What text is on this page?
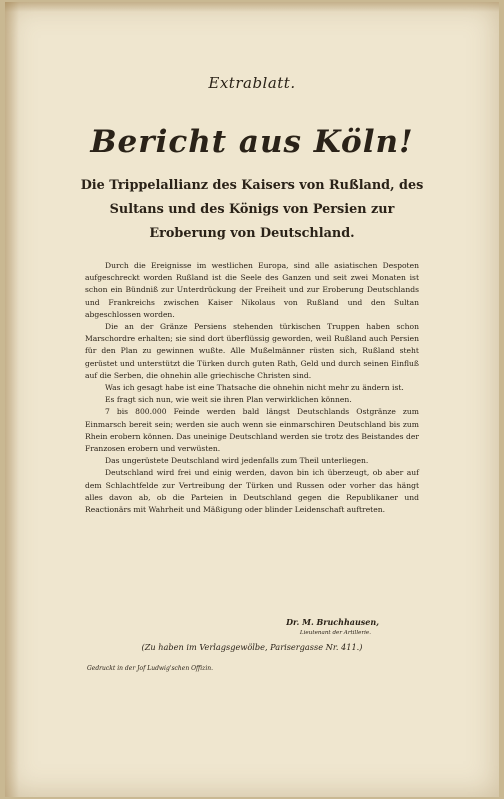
Extrablatt.
Bericht aus Köln!
Die Trippelallianz des Kaisers von Rußland, des Sultans und des Königs von Persien zur Eroberung von Deutschland.

Durch die Ereignisse im westlichen Europa, sind alle asiatischen Despoten aufgeschreckt worden Rußland ist die Seele des Ganzen und seit zwei Monaten ist schon ein Bündniß zur Unterdrückung der Freiheit und zur Eroberung Deutschlands und Frankreichs zwischen Kaiser Nikolaus von Rußland und den Sultan abgeschlossen worden.

Die an der Gränze Persiens stehenden türkischen Truppen haben schon Marschordre erhalten; sie sind dort überflüssig geworden, weil Rußland auch Persien für den Plan zu gewinnen wußte. Alle Mußelmänner rüsten sich, Rußland steht gerüstet und unterstützt die Türken durch guten Rath, Geld und durch seinen Einfluß auf die Serben, die ohnehin alle griechische Christen sind.

Was ich gesagt habe ist eine Thatsache die ohnehin nicht mehr zu ändern ist.

Es fragt sich nun, wie weit sie ihren Plan verwirklichen können.

7 bis 800.000 Feinde werden bald längst Deutschlands Ostgränze zum Einmarsch bereit sein; werden sie auch wenn sie einmarschiren Deutschland bis zum Rhein erobern können. Das uneinige Deutschland werden sie trotz des Beistandes der Franzosen erobern und verwüsten.

Das ungerüstete Deutschland wird jedenfalls zum Theil unterliegen.

Deutschland wird frei und einig werden, davon bin ich überzeugt, ob aber auf dem Schlachtfelde zur Vertreibung der Türken und Russen oder vorher das hängt alles davon ab, ob die Parteien in Deutschland gegen die Republikaner und Reactionärs mit Wahrheit und Mäßigung oder blinder Leidenschaft auftreten.

Dr. M. Bruchhausen,
Lieutenant der Artillerie.
(Zu haben im Verlagsgewölbe, Parisergasse Nr. 411.)
Gedruckt in der Jof Ludwig'schen Offizin.
